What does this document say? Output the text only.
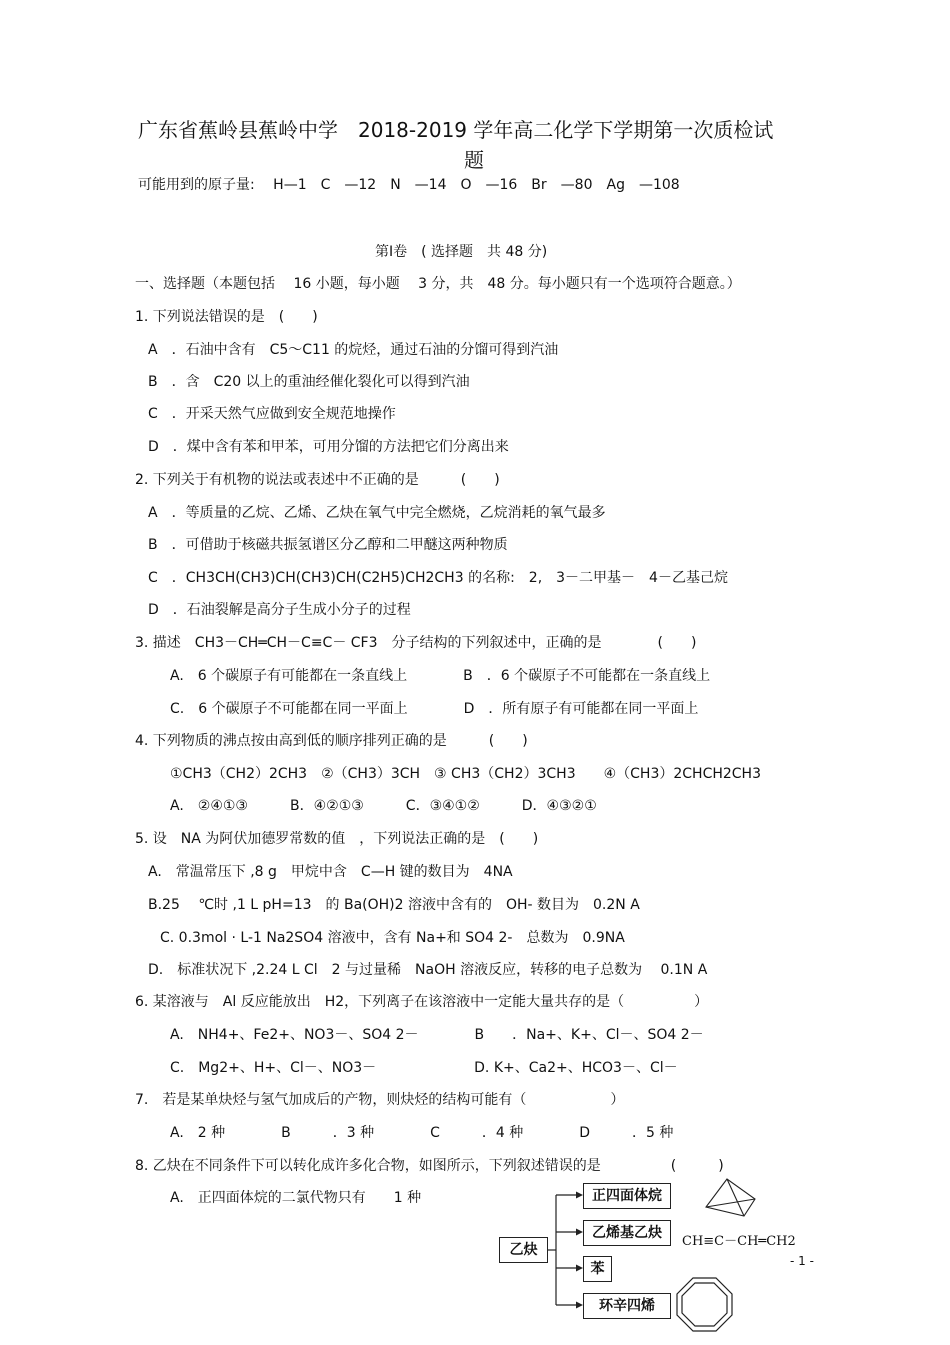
广东省蕉岭县蕉岭中学　2018-2019 学年高二化学下学期第一次质检试
题
可能用到的原子量:　 H—1　C　—12　N　—14　O　—16　Br　—80　Ag　—108
第Ⅰ卷　( 选择题　共 48 分)
一、选择题（本题包括　 16 小题，每小题　 3 分，共　48 分。每小题只有一个选项符合题意。）
1. 下列说法错误的是　(　　)
A　．石油中含有　C5～C11 的烷烃，通过石油的分馏可得到汽油
B　．含　C20 以上的重油经催化裂化可以得到汽油
C　．开采天然气应做到安全规范地操作
D　．煤中含有苯和甲苯，可用分馏的方法把它们分离出来
2. 下列关于有机物的说法或表述中不正确的是　　　(　　)
A　．等质量的乙烷、乙烯、乙炔在氧气中完全燃烧，乙烷消耗的氧气最多
B　．可借助于核磁共振氢谱区分乙醇和二甲醚这两种物质
C　．CH3CH(CH3)CH(CH3)CH(C2H5)CH2CH3 的名称:　2,　3－二甲基－　4－乙基己烷
D　．石油裂解是高分子生成小分子的过程
3. 描述　CH3－CH═CH－C≡C－ CF3　分子结构的下列叙述中，正确的是　　　　(　　)
A.　6 个碳原子有可能都在一条直线上　　　　B　．6 个碳原子不可能都在一条直线上
C.　6 个碳原子不可能都在同一平面上　　　　D　．所有原子有可能都在同一平面上
4. 下列物质的沸点按由高到低的顺序排列正确的是　　　(　　)
①CH3（CH2）2CH3　②（CH3）3CH　③ CH3（CH2）3CH3　　④（CH3）2CHCH2CH3
A.　②④①③　　　B．④②①③　　　C．③④①②　　　D．④③②①
5. 设　NA 为阿伏加德罗常数的值　，下列说法正确的是　(　　)
A.　常温常压下 ,8 g　甲烷中含　C—H 键的数目为　4NA
B.25　 ℃时 ,1 L pH=13　的 Ba(OH)2 溶液中含有的　OH- 数目为　0.2N A
C. 0.3mol · L-1 Na2SO4 溶液中，含有 Na+和 SO4 2-　总数为　0.9NA
D.　标准状况下 ,2.24 L Cl　2 与过量稀　NaOH 溶液反应，转移的电子总数为　 0.1N A
6. 某溶液与　Al 反应能放出　H2，下列离子在该溶液中一定能大量共存的是（　　　　　）
A.　NH4+、Fe2+、NO3－、SO4 2－　　　　B　　．Na+、K+、Cl－、SO4 2－
C.　Mg2+、H+、Cl－、NO3－　　　　　　　D. K+、Ca2+、HCO3－、Cl－
7.　若是某单炔烃与氢气加成后的产物，则炔烃的结构可能有（　　　　　　）
A.　2 种　　　　B　　　．3 种　　　　C　　　．4 种　　　　D　　　．5 种
8. 乙炔在不同条件下可以转化成许多化合物，如图所示，下列叙述错误的是　　　　　(　　　)
A.　正四面体烷的二氯代物只有　　1 种
乙炔
正四面体烷
乙烯基乙炔
苯
环辛四烯
CH≡C－CH═CH2
- 1 -
